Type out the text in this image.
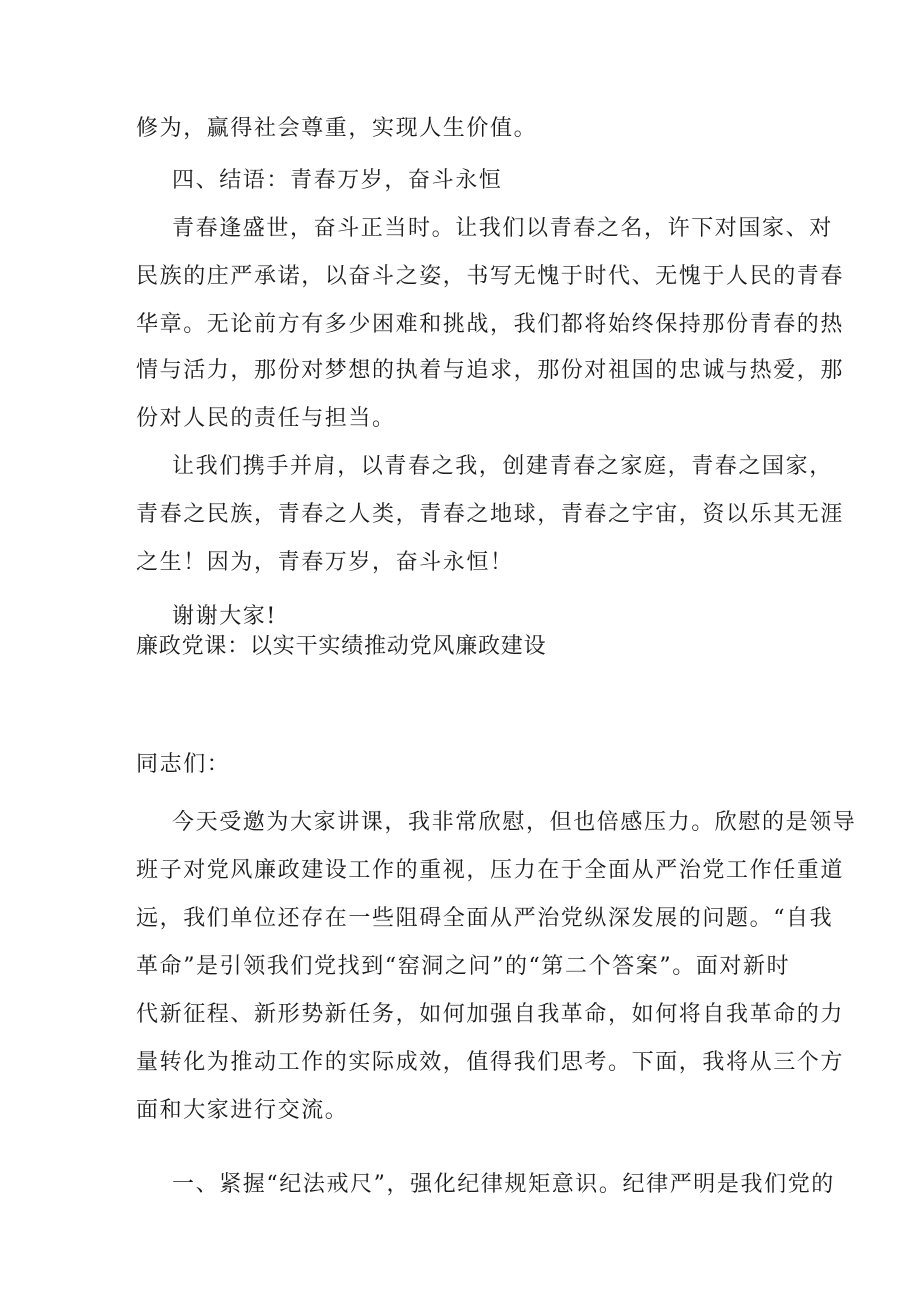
修为，赢得社会尊重，实现人生价值。
四、结语：青春万岁，奋斗永恒
青春逢盛世，奋斗正当时。让我们以青春之名，许下对国家、对
民族的庄严承诺，以奋斗之姿，书写无愧于时代、无愧于人民的青春
华章。无论前方有多少困难和挑战，我们都将始终保持那份青春的热
情与活力，那份对梦想的执着与追求，那份对祖国的忠诚与热爱，那
份对人民的责任与担当。
让我们携手并肩，以青春之我，创建青春之家庭，青春之国家，
青春之民族，青春之人类，青春之地球，青春之宇宙，资以乐其无涯
之生！因为，青春万岁，奋斗永恒！
谢谢大家!
廉政党课：以实干实绩推动党风廉政建设
同志们：
今天受邀为大家讲课，我非常欣慰，但也倍感压力。欣慰的是领导
班子对党风廉政建设工作的重视，压力在于全面从严治党工作任重道
远，我们单位还存在一些阻碍全面从严治党纵深发展的问题。“自我
革命”是引领我们党找到“窑洞之问”的“第二个答案”。面对新时
代新征程、新形势新任务，如何加强自我革命，如何将自我革命的力
量转化为推动工作的实际成效，值得我们思考。下面，我将从三个方
面和大家进行交流。
一、紧握“纪法戒尺”，强化纪律规矩意识。纪律严明是我们党的
